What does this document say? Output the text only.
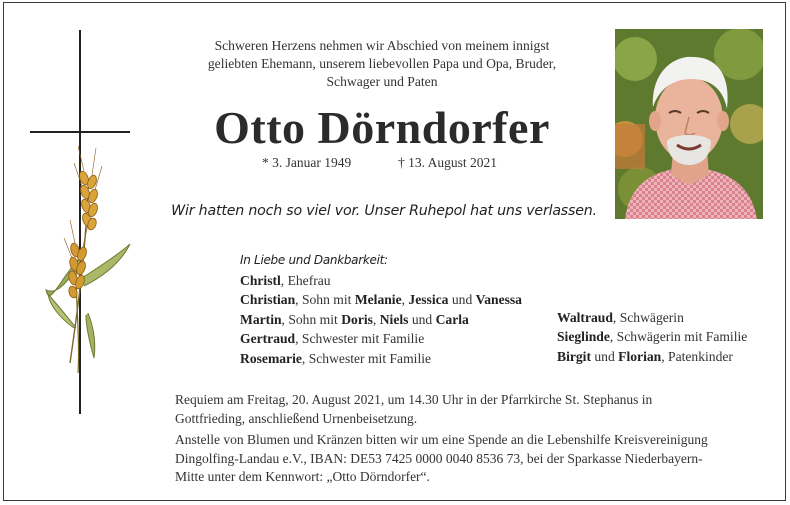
Schweren Herzens nehmen wir Abschied von meinem innigst
geliebten Ehemann, unserem liebevollen Papa und Opa, Bruder,
Schwager und Paten
Otto Dörndorfer
* 3. Januar 1949	† 13. August 2021
Wir hatten noch so viel vor. Unser Ruhepol hat uns verlassen.
In Liebe und Dankbarkeit:
Christl, Ehefrau
Christian, Sohn mit Melanie, Jessica und Vanessa
Martin, Sohn mit Doris, Niels und Carla
Gertraud, Schwester mit Familie
Rosemarie, Schwester mit Familie
Waltraud, Schwägerin
Sieglinde, Schwägerin mit Familie
Birgit und Florian, Patenkinder
Requiem am Freitag, 20. August 2021, um 14.30 Uhr in der Pfarrkirche St. Stephanus in
Gottfrieding, anschließend Urnenbeisetzung.
Anstelle von Blumen und Kränzen bitten wir um eine Spende an die Lebenshilfe Kreisvereinigung
Dingolfing-Landau e.V., IBAN: DE53 7425 0000 0040 8536 73, bei der Sparkasse Niederbayern-
Mitte unter dem Kennwort: „Otto Dörndorfer“.
